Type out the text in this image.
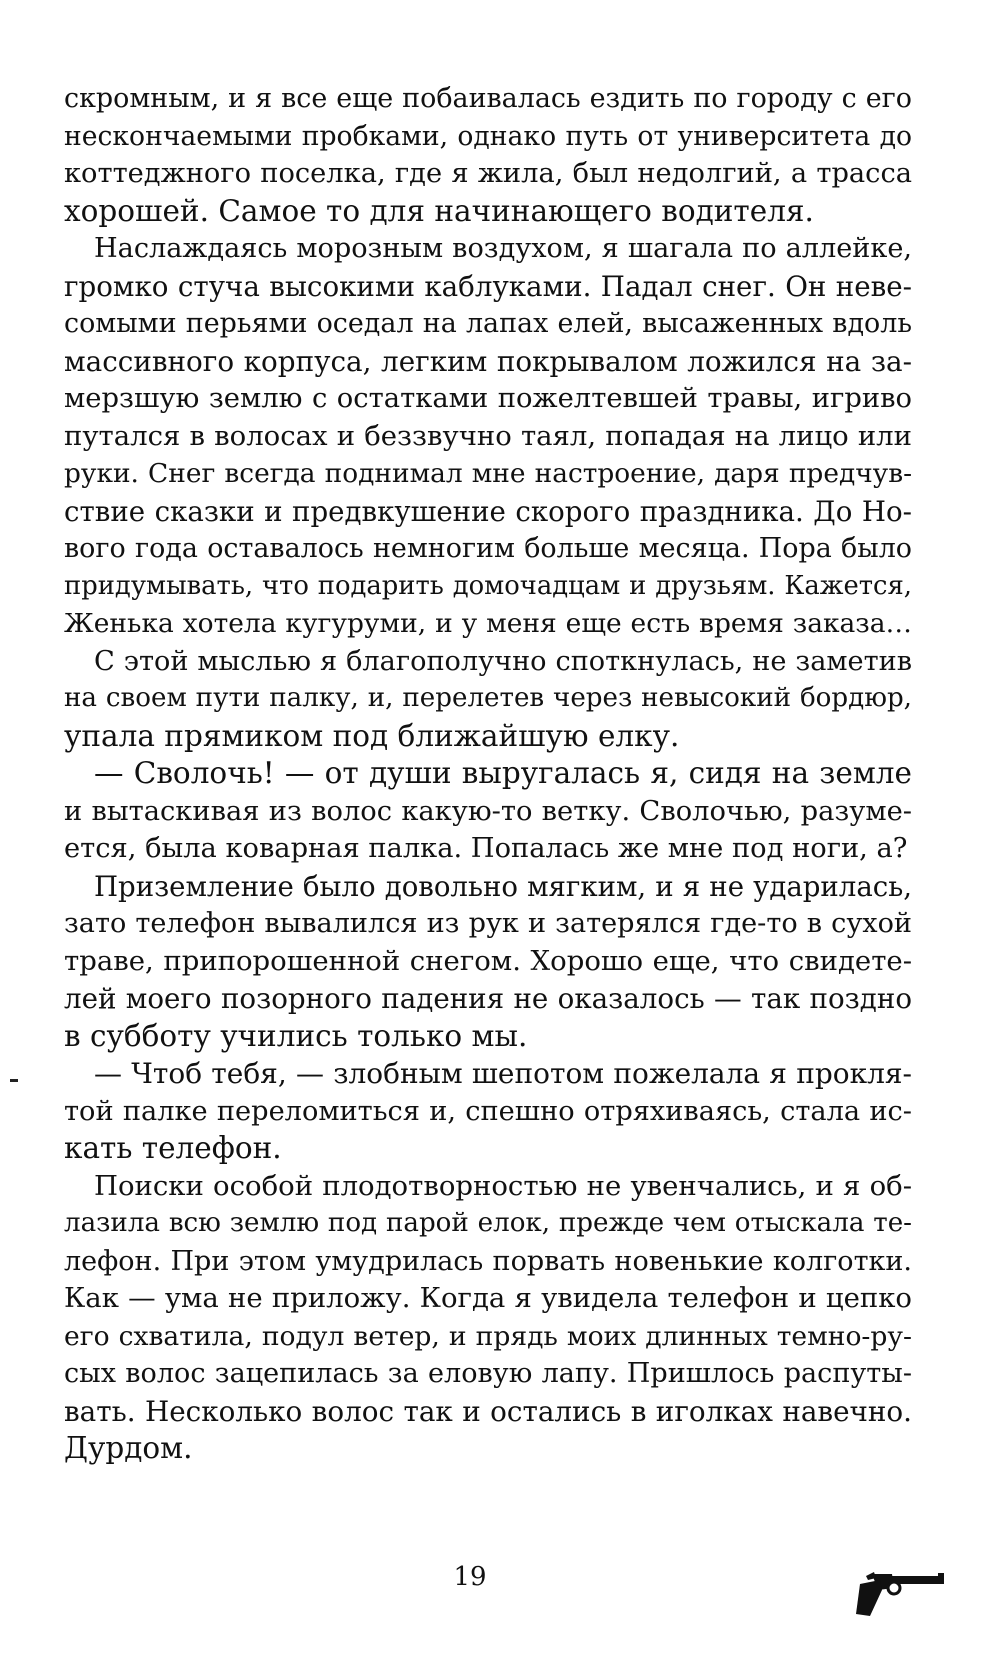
скромным, и я все еще побаивалась ездить по городу с его
нескончаемыми пробками, однако путь от университета до
коттеджного поселка, где я жила, был недолгий, а трасса
хорошей. Самое то для начинающего водителя.
Наслаждаясь морозным воздухом, я шагала по аллейке,
громко стуча высокими каблуками. Падал снег. Он неве-
сомыми перьями оседал на лапах елей, высаженных вдоль
массивного корпуса, легким покрывалом ложился на за-
мерзшую землю с остатками пожелтевшей травы, игриво
путался в волосах и беззвучно таял, попадая на лицо или
руки. Снег всегда поднимал мне настроение, даря предчув-
ствие сказки и предвкушение скорого праздника. До Но-
вого года оставалось немногим больше месяца. Пора было
придумывать, что подарить домочадцам и друзьям. Кажется,
Женька хотела кугуруми, и у меня еще есть время заказа…
С этой мыслью я благополучно споткнулась, не заметив
на своем пути палку, и, перелетев через невысокий бордюр,
упала прямиком под ближайшую елку.
— Сволочь! — от души выругалась я, сидя на земле
и вытаскивая из волос какую-то ветку. Сволочью, разуме-
ется, была коварная палка. Попалась же мне под ноги, а?
Приземление было довольно мягким, и я не ударилась,
зато телефон вывалился из рук и затерялся где-то в сухой
траве, припорошенной снегом. Хорошо еще, что свидете-
лей моего позорного падения не оказалось — так поздно
в субботу учились только мы.
— Чтоб тебя, — злобным шепотом пожелала я прокля-
той палке переломиться и, спешно отряхиваясь, стала ис-
кать телефон.
Поиски особой плодотворностью не увенчались, и я об-
лазила всю землю под парой елок, прежде чем отыскала те-
лефон. При этом умудрилась порвать новенькие колготки.
Как — ума не приложу. Когда я увидела телефон и цепко
его схватила, подул ветер, и прядь моих длинных темно-ру-
сых волос зацепилась за еловую лапу. Пришлось распуты-
вать. Несколько волос так и остались в иголках навечно.
Дурдом.
19
